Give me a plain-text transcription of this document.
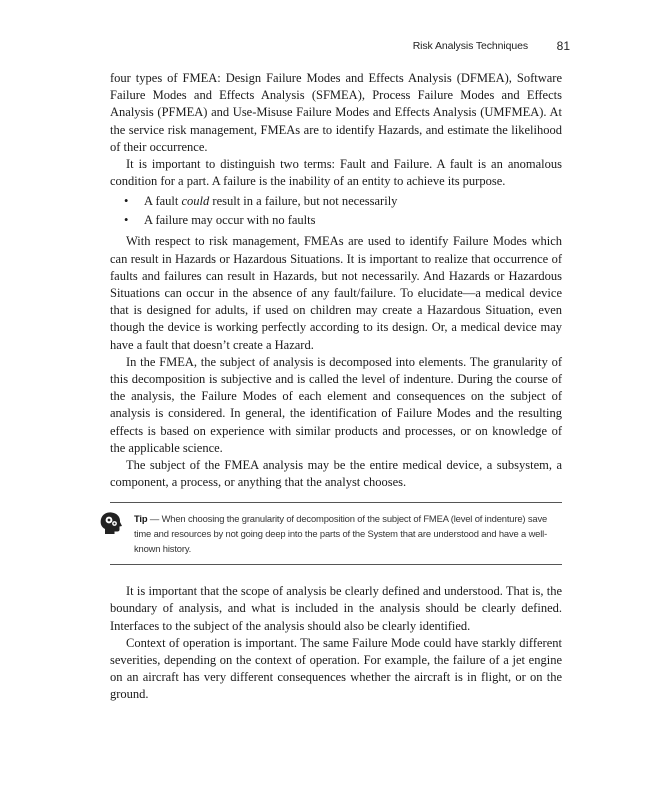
Risk Analysis Techniques 81

four types of FMEA: Design Failure Modes and Effects Analysis (DFMEA), Software Failure Modes and Effects Analysis (SFMEA), Process Failure Modes and Effects Analysis (PFMEA) and Use-Misuse Failure Modes and Effects Analysis (UMFMEA). At the service risk management, FMEAs are to identify Hazards, and estimate the likelihood of their occurrence.

It is important to distinguish two terms: Fault and Failure. A fault is an anomalous condition for a part. A failure is the inability of an entity to achieve its purpose.

• A fault could result in a failure, but not necessarily
• A failure may occur with no faults

With respect to risk management, FMEAs are used to identify Failure Modes which can result in Hazards or Hazardous Situations. It is important to realize that occurrence of faults and failures can result in Hazards, but not necessarily. And Hazards or Hazardous Situations can occur in the absence of any fault/failure. To elucidate—a medical device that is designed for adults, if used on children may create a Hazardous Situation, even though the device is working perfectly according to its design. Or, a medical device may have a fault that doesn’t create a Hazard.

In the FMEA, the subject of analysis is decomposed into elements. The granularity of this decomposition is subjective and is called the level of indenture. During the course of the analysis, the Failure Modes of each element and consequences on the subject of analysis is considered. In general, the identification of Failure Modes and the resulting effects is based on experience with similar products and processes, or on knowledge of the applicable science.

The subject of the FMEA analysis may be the entire medical device, a subsystem, a component, a process, or anything that the analyst chooses.

Tip — When choosing the granularity of decomposition of the subject of FMEA (level of indenture) save time and resources by not going deep into the parts of the System that are understood and have a well-known history.

It is important that the scope of analysis be clearly defined and understood. That is, the boundary of analysis, and what is included in the analysis should be clearly defined. Interfaces to the subject of the analysis should also be clearly identified.

Context of operation is important. The same Failure Mode could have starkly different severities, depending on the context of operation. For example, the failure of a jet engine on an aircraft has very different consequences whether the aircraft is in flight, or on the ground.
